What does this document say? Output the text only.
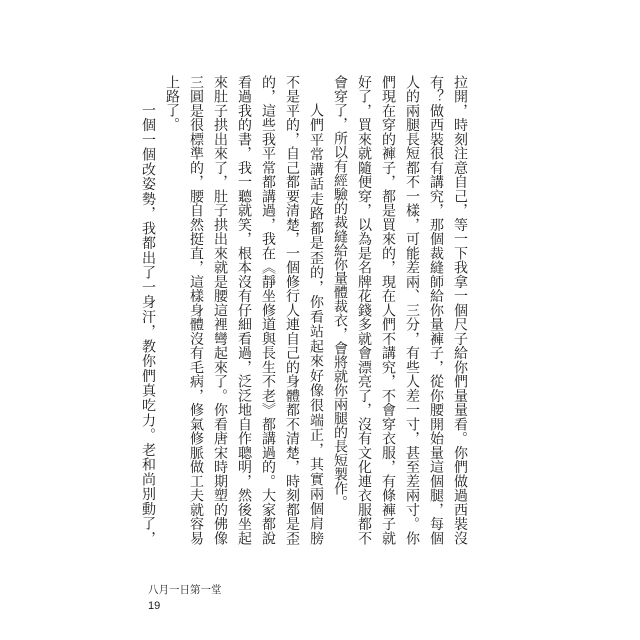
拉開，時刻注意自己，等一下我拿一個尺子給你們量量看。你們做過西裝沒
有？做西裝很有講究，那個裁縫師給你量褲子，從你腰開始量這個腿，每個
人的兩腿長短都不一樣，可能差兩、三分，有些人差一寸，甚至差兩寸。你
們現在穿的褲子，都是買來的，現在人們不講究，不會穿衣服，有條褲子就
好了，買來就隨便穿，以為是名牌花錢多就會漂亮了，沒有文化連衣服都不
會穿了，所以有經驗的裁縫給你量體裁衣，會將就你兩腿的長短製作。
人們平常講話走路都是歪的，你看站起來好像很端正，其實兩個肩膀
不是平的，自己都要清楚，一個修行人連自己的身體都不清楚，時刻都是歪
的，這些我平常都講過，我在《靜坐修道與長生不老》都講過的。大家都說
看過我的書，我一聽就笑，根本沒有仔細看過，泛泛地自作聰明，然後坐起
來肚子拱出來了，肚子拱出來就是腰這裡彎起來了。你看唐宋時期塑的佛像
三圓是很標準的，腰自然挺直，這樣身體沒有毛病，修氣修脈做工夫就容易
上路了。
一個一個改姿勢，我都出了一身汗，教你們真吃力。老和尚別動了，
八月一日第一堂
19
